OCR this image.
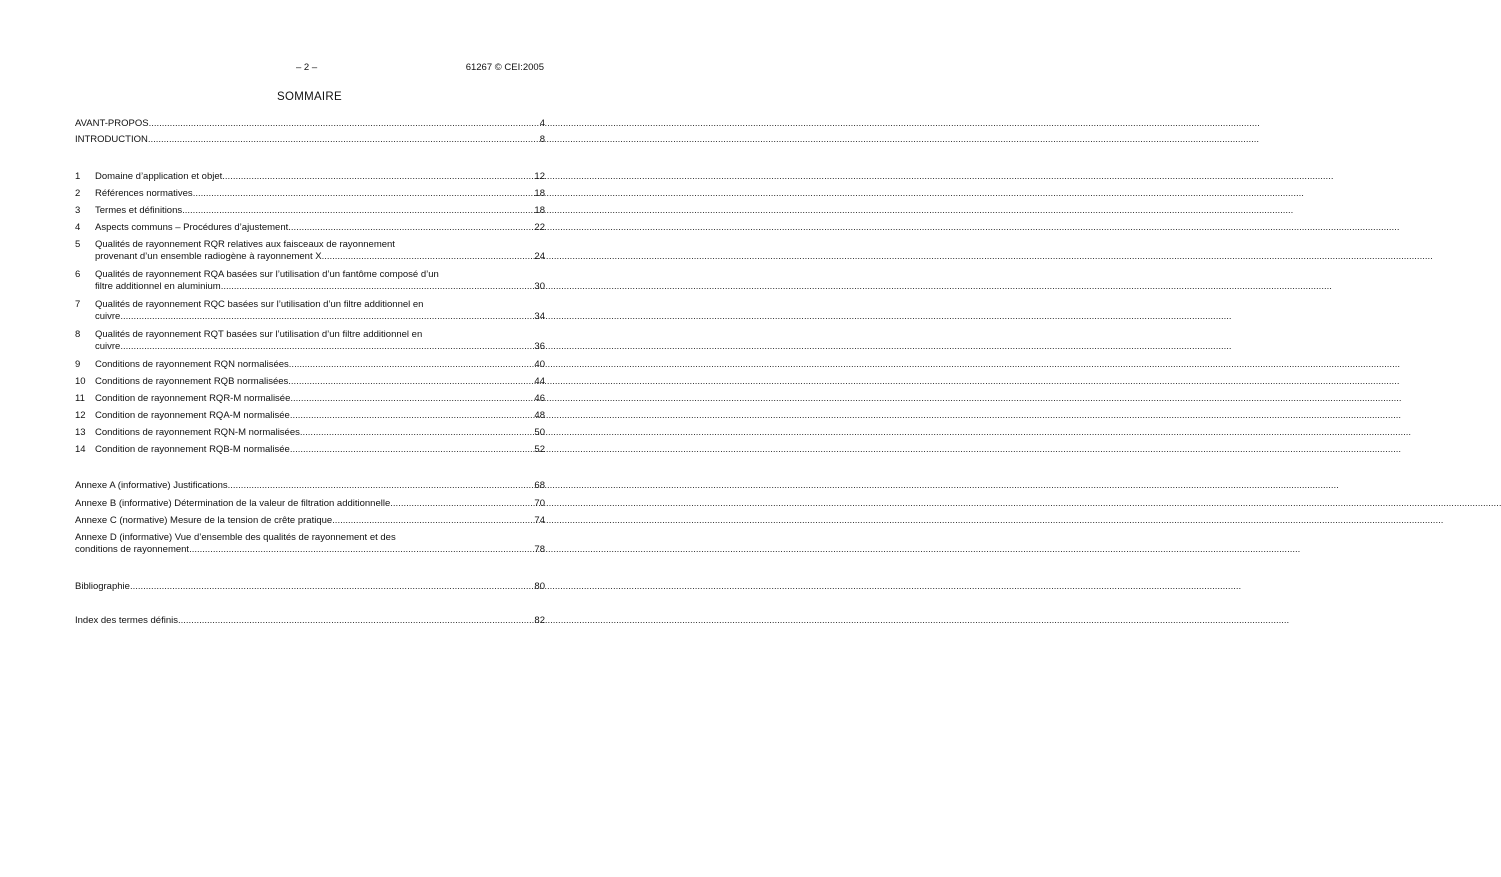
– 2 –	61267 © CEI:2005
SOMMAIRE
AVANT-PROPOS .....	4
INTRODUCTION .....	8
1	Domaine d’application et objet .....	12
2	Références normatives .....	18
3	Termes et définitions .....	18
4	Aspects communs – Procédures d’ajustement .....	22
5	Qualités de rayonnement RQR relatives aux faisceaux de rayonnement
provenant d’un ensemble radiogène à rayonnement X .....	24
6	Qualités de rayonnement RQA basées sur l’utilisation d’un fantôme composé d’un
filtre additionnel en aluminium .....	30
7	Qualités de rayonnement RQC basées sur l’utilisation d’un filtre additionnel en
cuivre .....	34
8	Qualités de rayonnement RQT basées sur l’utilisation d’un filtre additionnel en
cuivre .....	36
9	Conditions de rayonnement RQN normalisées .....	40
10 Conditions de rayonnement RQB normalisées .....	44
11	Condition de rayonnement RQR-M normalisée .....	46
12 Condition de rayonnement RQA-M normalisée .....	48
13 Conditions de rayonnement RQN-M normalisées .....	50
14 Condition de rayonnement RQB-M normalisée .....	52
Annexe A (informative) Justifications .....	68
Annexe B (informative) Détermination de la valeur de filtration additionnelle .....	70
Annexe C (normative) Mesure de la tension de crête pratique .....	74
Annexe D (informative) Vue d’ensemble des qualités de rayonnement et des
conditions de rayonnement .....	78
Bibliographie .....	80
Index des termes définis .....	82
